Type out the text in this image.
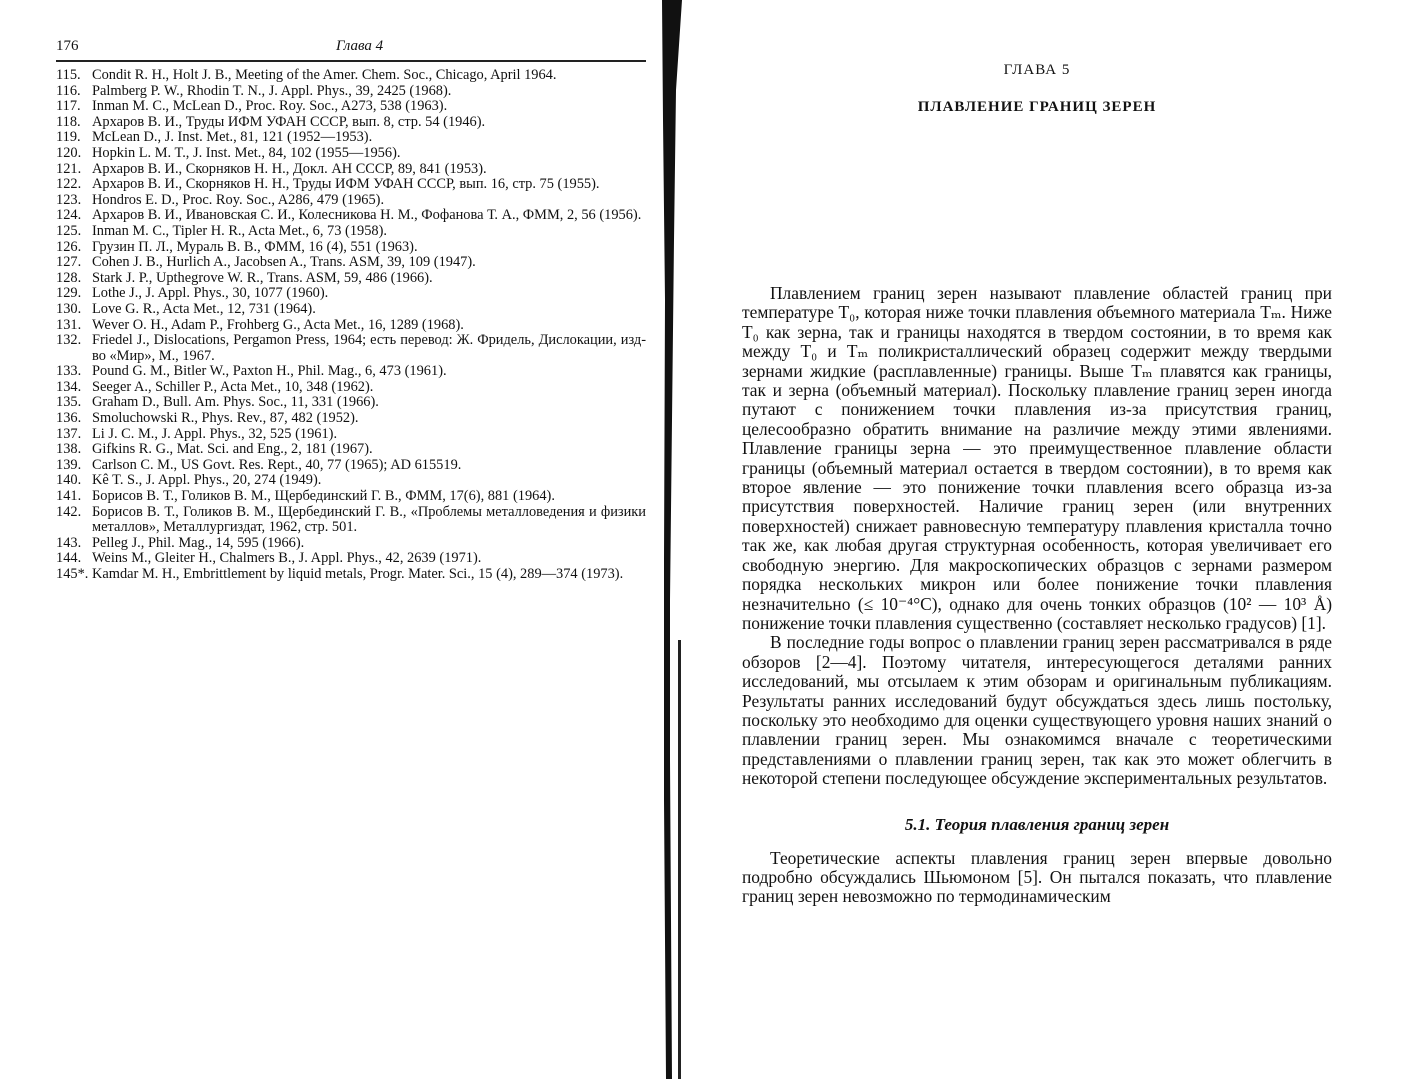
176	Глава 4
115. Condit R. H., Holt J. B., Meeting of the Amer. Chem. Soc., Chicago, April 1964.
116. Palmberg P. W., Rhodin T. N., J. Appl. Phys., 39, 2425 (1968).
117. Inman M. C., McLean D., Proc. Roy. Soc., A273, 538 (1963).
118. Архаров В. И., Труды ИФМ УФАН СССР, вып. 8, стр. 54 (1946).
119. McLean D., J. Inst. Met., 81, 121 (1952—1953).
120. Hopkin L. M. T., J. Inst. Met., 84, 102 (1955—1956).
121. Архаров В. И., Скорняков Н. Н., Докл. АН СССР, 89, 841 (1953).
122. Архаров В. И., Скорняков Н. Н., Труды ИФМ УФАН СССР, вып. 16, стр. 75 (1955).
123. Hondros E. D., Proc. Roy. Soc., A286, 479 (1965).
124. Архаров В. И., Ивановская С. И., Колесникова Н. М., Фофанова Т. А., ФММ, 2, 56 (1956).
125. Inman M. C., Tipler H. R., Acta Met., 6, 73 (1958).
126. Грузин П. Л., Мураль В. В., ФММ, 16 (4), 551 (1963).
127. Cohen J. B., Hurlich A., Jacobsen A., Trans. ASM, 39, 109 (1947).
128. Stark J. P., Upthegrove W. R., Trans. ASM, 59, 486 (1966).
129. Lothe J., J. Appl. Phys., 30, 1077 (1960).
130. Love G. R., Acta Met., 12, 731 (1964).
131. Wever O. H., Adam P., Frohberg G., Acta Met., 16, 1289 (1968).
132. Friedel J., Dislocations, Pergamon Press, 1964; есть перевод: Ж. Фридель, Дислокации, изд-во «Мир», М., 1967.
133. Pound G. M., Bitler W., Paxton H., Phil. Mag., 6, 473 (1961).
134. Seeger A., Schiller P., Acta Met., 10, 348 (1962).
135. Graham D., Bull. Am. Phys. Soc., 11, 331 (1966).
136. Smoluchowski R., Phys. Rev., 87, 482 (1952).
137. Li J. C. M., J. Appl. Phys., 32, 525 (1961).
138. Gifkins R. G., Mat. Sci. and Eng., 2, 181 (1967).
139. Carlson C. M., US Govt. Res. Rept., 40, 77 (1965); AD 615519.
140. Kê T. S., J. Appl. Phys., 20, 274 (1949).
141. Борисов В. Т., Голиков В. М., Щербединский Г. В., ФММ, 17(6), 881 (1964).
142. Борисов В. Т., Голиков В. М., Щербединский Г. В., «Проблемы металловедения и физики металлов», Металлургиздат, 1962, стр. 501.
143. Pelleg J., Phil. Mag., 14, 595 (1966).
144. Weins M., Gleiter H., Chalmers B., J. Appl. Phys., 42, 2639 (1971).
145*. Kamdar M. H., Embrittlement by liquid metals, Progr. Mater. Sci., 15 (4), 289—374 (1973).
ГЛАВА 5
ПЛАВЛЕНИЕ ГРАНИЦ ЗЕРЕН

Плавлением границ зерен называют плавление областей границ при температуре T₀, которая ниже точки плавления объемного материала Tₘ. Ниже T₀ как зерна, так и границы находятся в твердом состоянии, в то время как между T₀ и Tₘ поликристаллический образец содержит между твердыми зернами жидкие (расплавленные) границы. Выше Tₘ плавятся как границы, так и зерна (объемный материал). Поскольку плавление границ зерен иногда путают с понижением точки плавления из-за присутствия границ, целесообразно обратить внимание на различие между этими явлениями. Плавление границы зерна — это преимущественное плавление области границы (объемный материал остается в твердом состоянии), в то время как второе явление — это понижение точки плавления всего образца из-за присутствия поверхностей. Наличие границ зерен (или внутренних поверхностей) снижает равновесную температуру плавления кристалла точно так же, как любая другая структурная особенность, которая увеличивает его свободную энергию. Для макроскопических образцов с зернами размером порядка нескольких микрон или более понижение точки плавления незначительно (≤ 10⁻⁴°C), однако для очень тонких образцов (10² — 10³ Å) понижение точки плавления существенно (составляет несколько градусов) [1].

В последние годы вопрос о плавлении границ зерен рассматривался в ряде обзоров [2—4]. Поэтому читателя, интересующегося деталями ранних исследований, мы отсылаем к этим обзорам и оригинальным публикациям. Результаты ранних исследований будут обсуждаться здесь лишь постольку, поскольку это необходимо для оценки существующего уровня наших знаний о плавлении границ зерен. Мы ознакомимся вначале с теоретическими представлениями о плавлении границ зерен, так как это может облегчить в некоторой степени последующее обсуждение экспериментальных результатов.

5.1. Теория плавления границ зерен

Теоретические аспекты плавления границ зерен впервые довольно подробно обсуждались Шьюмоном [5]. Он пытался показать, что плавление границ зерен невозможно по термодинамическим
